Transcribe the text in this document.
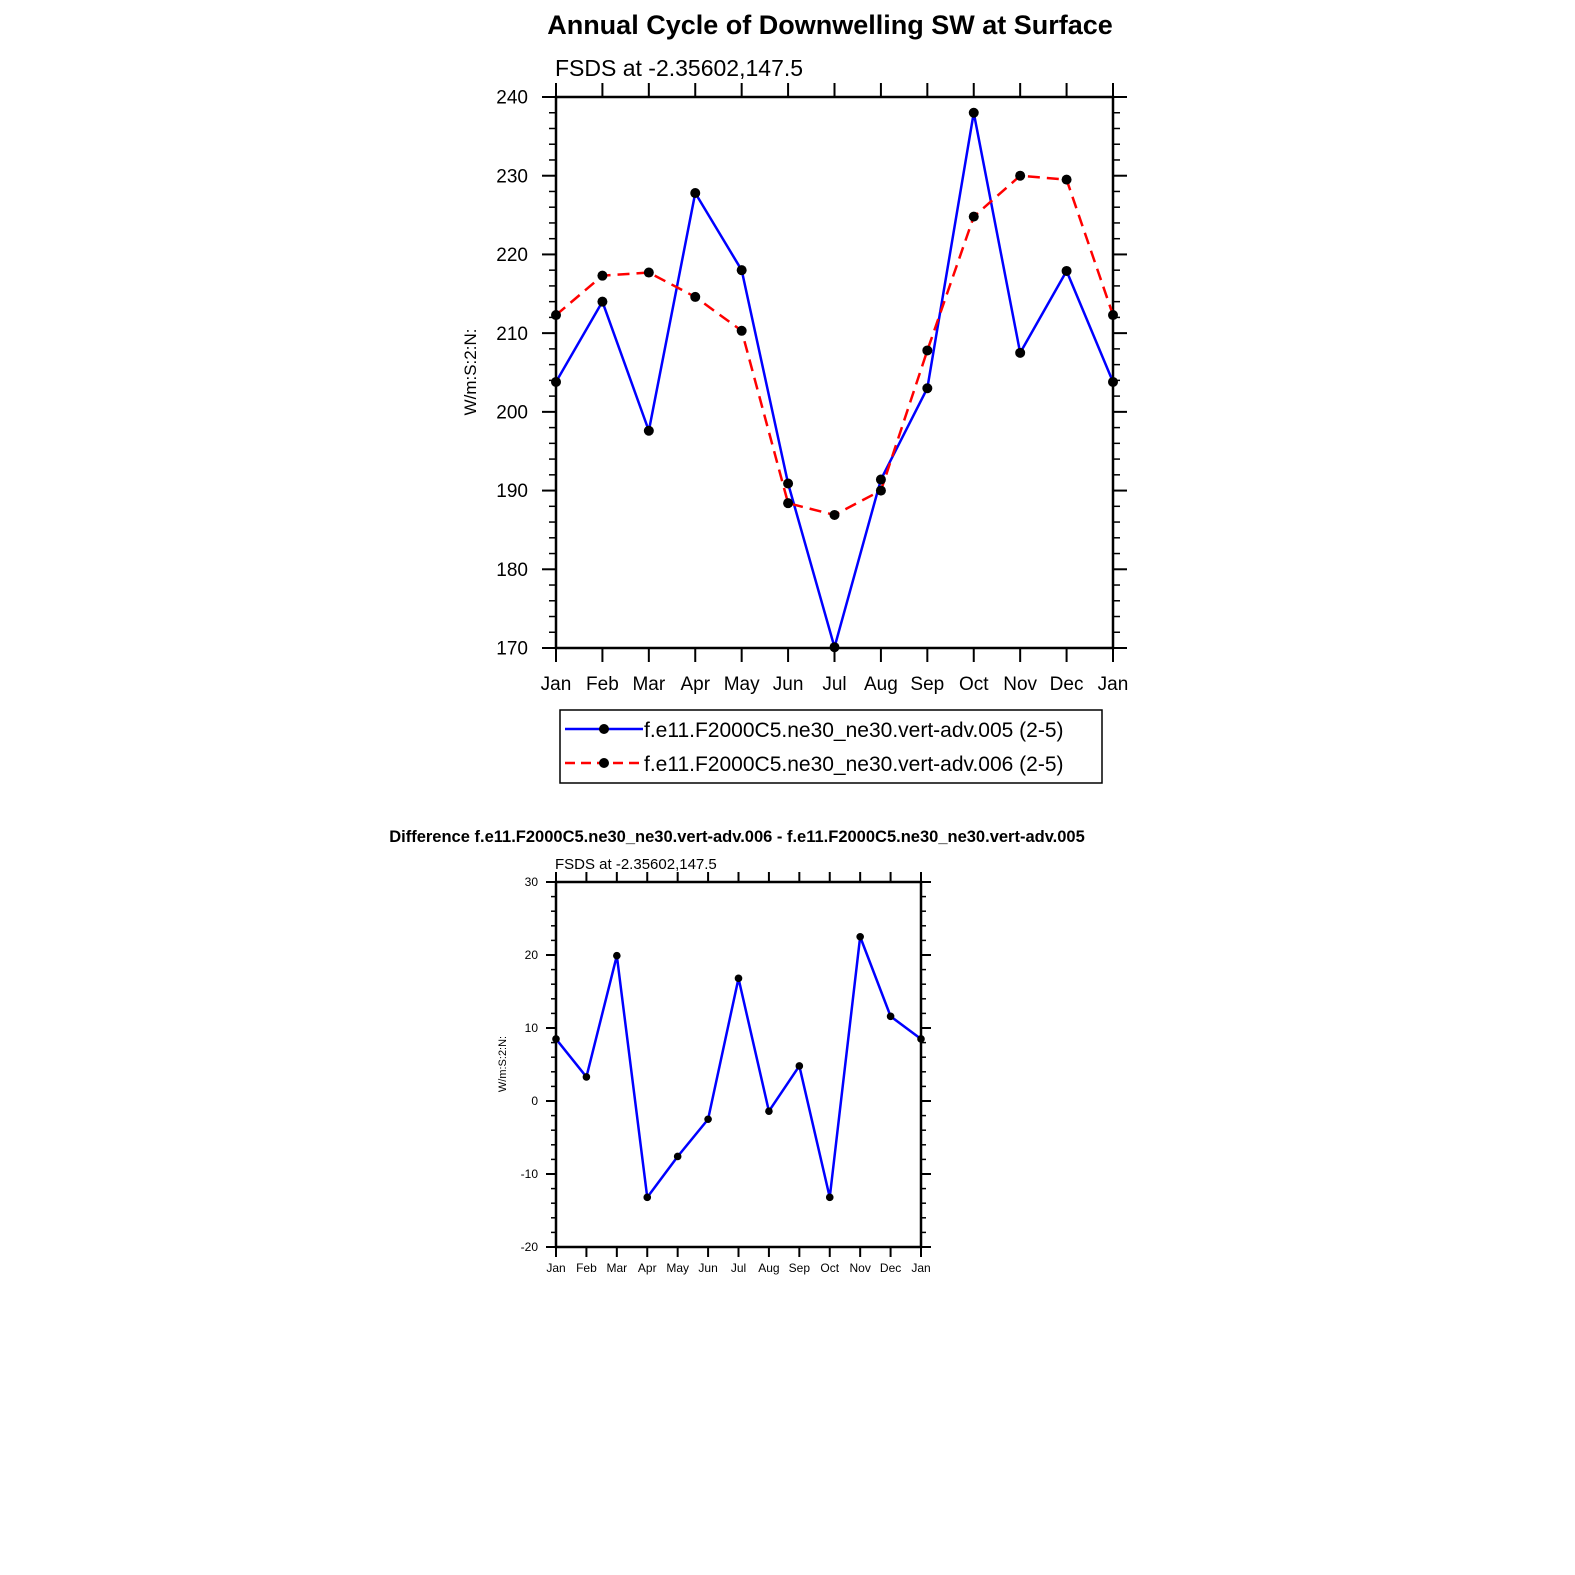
Annual Cycle of Downwelling SW at Surface
FSDS at -2.35602,147.5
W/m:S:2:N:
170
180
190
200
210
220
230
240
Jan Feb Mar Apr May Jun Jul Aug Sep Oct Nov Dec Jan
f.e11.F2000C5.ne30_ne30.vert-adv.005 (2-5)
f.e11.F2000C5.ne30_ne30.vert-adv.006 (2-5)
Difference f.e11.F2000C5.ne30_ne30.vert-adv.006 - f.e11.F2000C5.ne30_ne30.vert-adv.005
FSDS at -2.35602,147.5
W/m:S:2:N:
-20
-10
0
10
20
30
Jan Feb Mar Apr May Jun Jul Aug Sep Oct Nov Dec Jan
